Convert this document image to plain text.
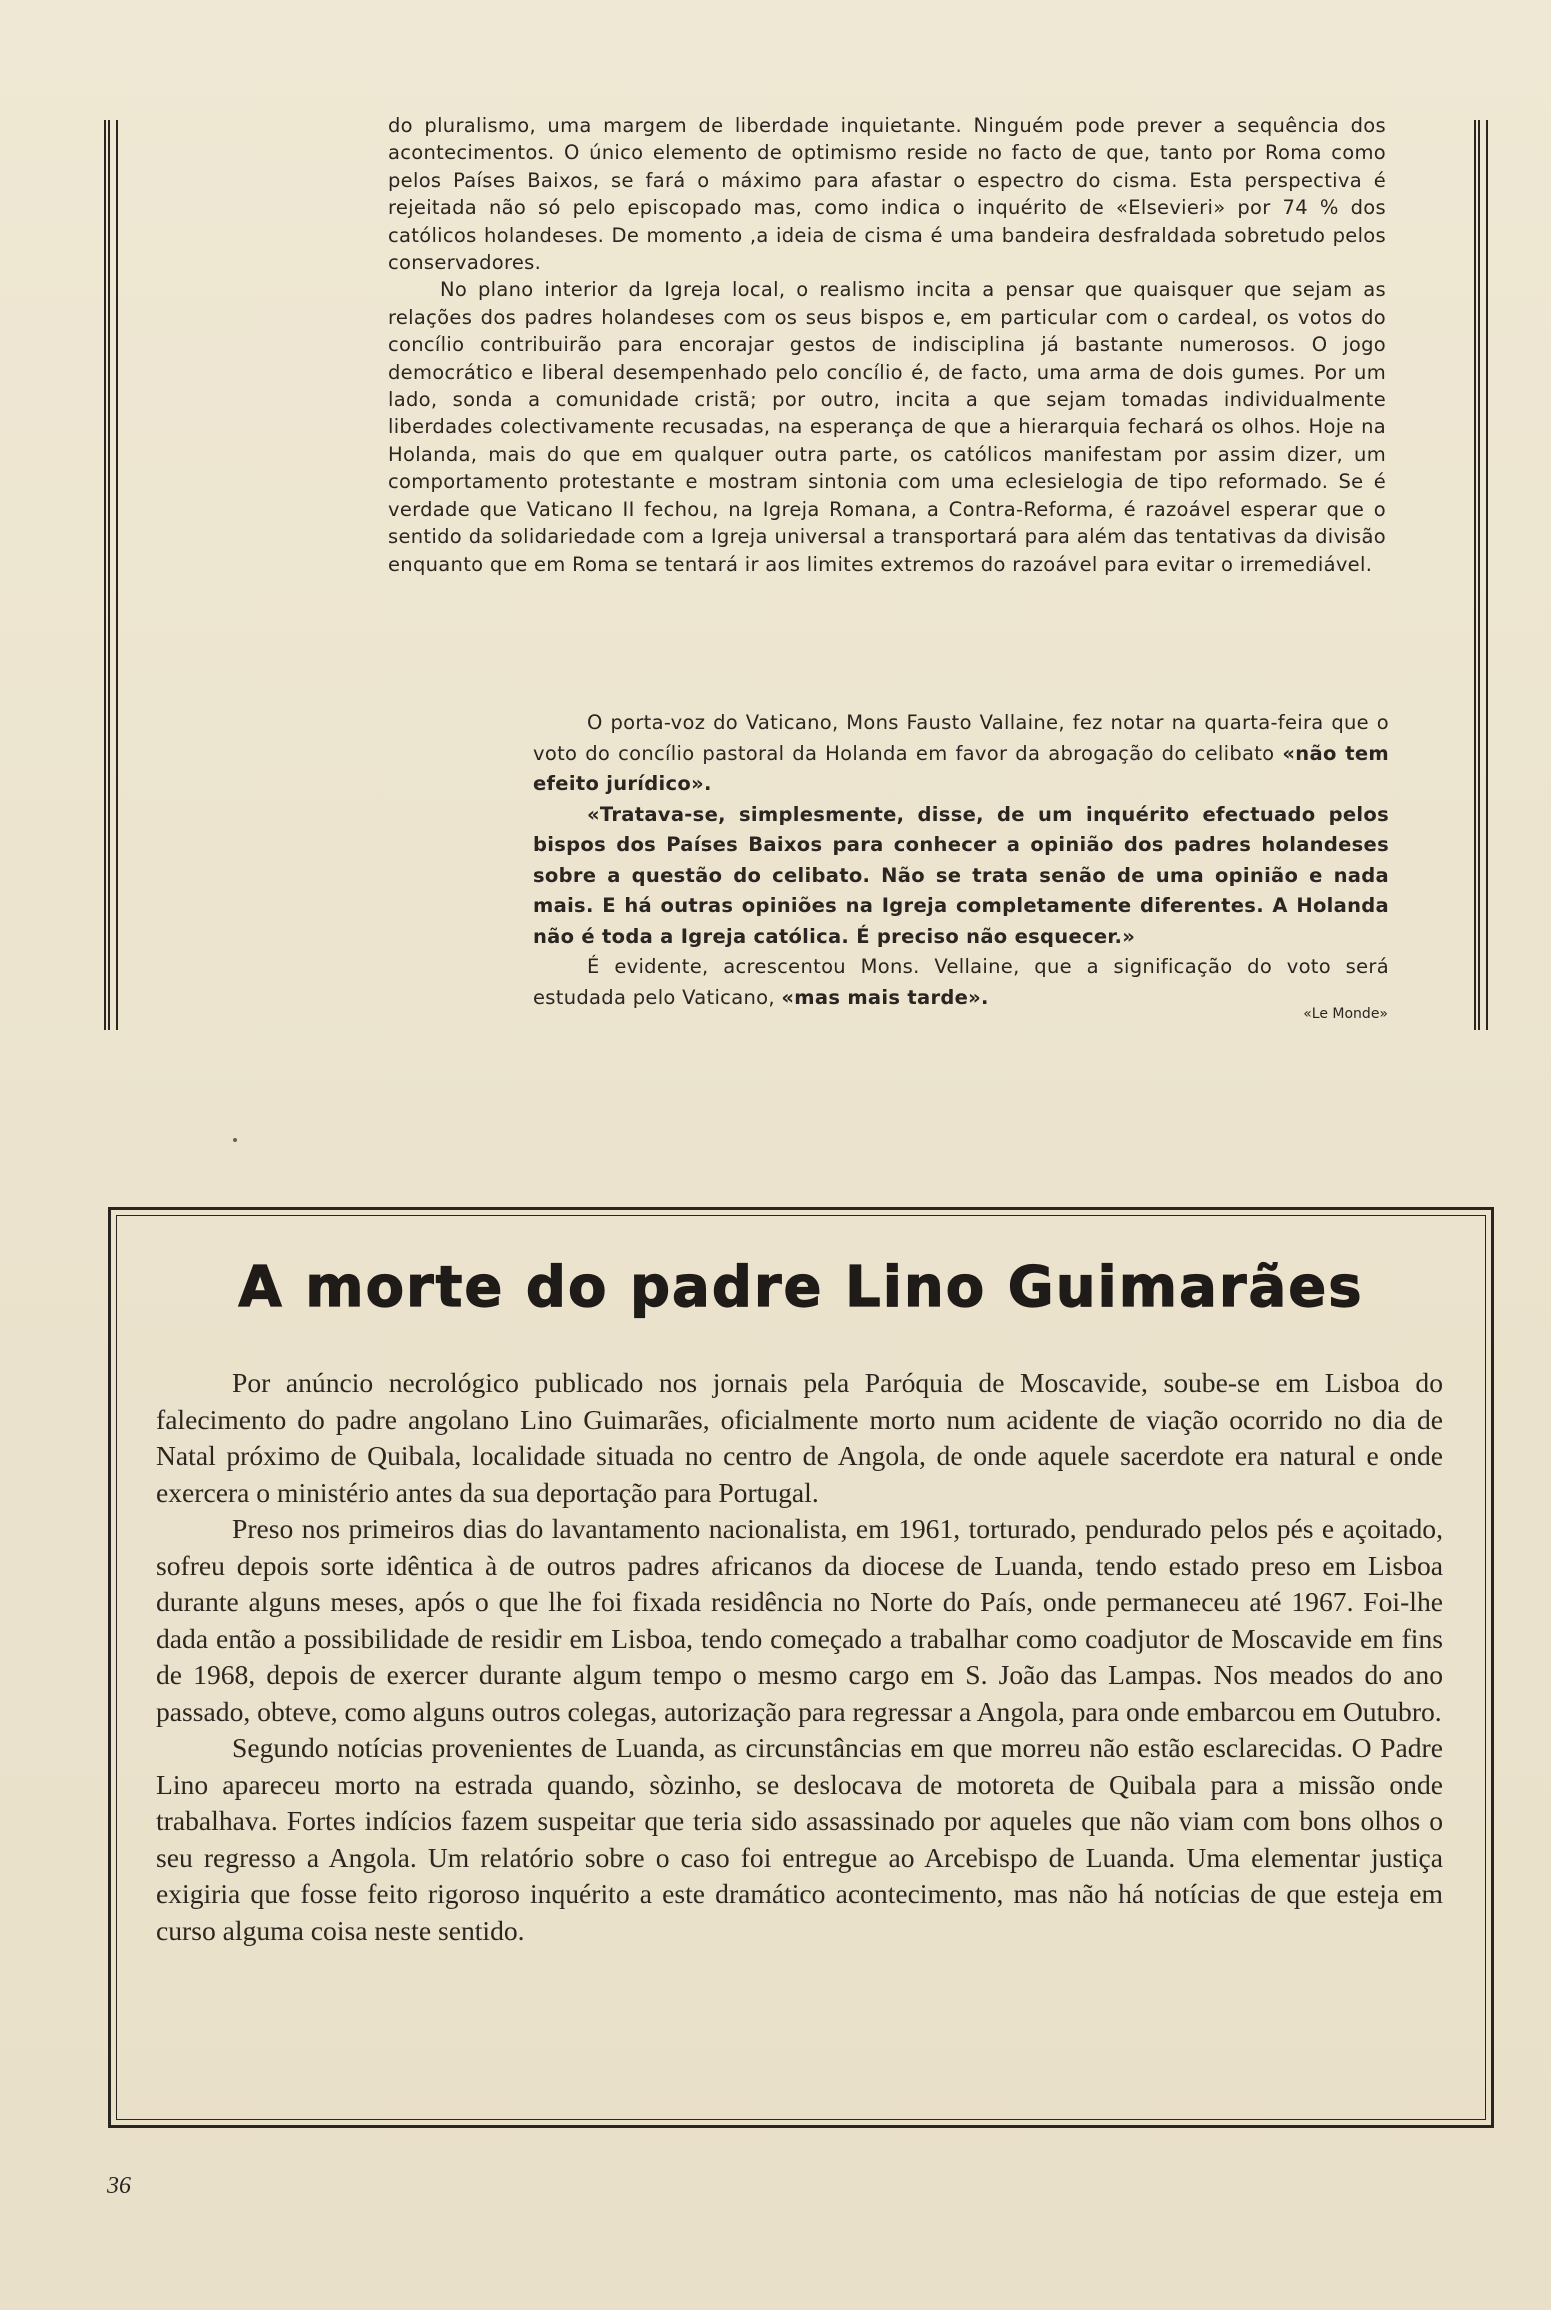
do pluralismo, uma margem de liberdade inquietante. Ninguém pode prever a sequência dos acontecimentos. O único elemento de optimismo reside no facto de que, tanto por Roma como pelos Países Baixos, se fará o máximo para afastar o espectro do cisma. Esta perspectiva é rejeitada não só pelo episcopado mas, como indica o inquérito de «Elsevieri» por 74 % dos católicos holandeses. De momento ,a ideia de cisma é uma bandeira desfraldada sobretudo pelos conservadores.

No plano interior da Igreja local, o realismo incita a pensar que quaisquer que sejam as relações dos padres holandeses com os seus bispos e, em particular com o cardeal, os votos do concílio contribuirão para encorajar gestos de indisciplina já bastante numerosos. O jogo democrático e liberal desempenhado pelo concílio é, de facto, uma arma de dois gumes. Por um lado, sonda a comunidade cristã; por outro, incita a que sejam tomadas individualmente liberdades colectivamente recusadas, na esperança de que a hierarquia fechará os olhos. Hoje na Holanda, mais do que em qualquer outra parte, os católicos manifestam por assim dizer, um comportamento protestante e mostram sintonia com uma eclesielogia de tipo reformado. Se é verdade que Vaticano II fechou, na Igreja Romana, a Contra-Reforma, é razoável esperar que o sentido da solidariedade com a Igreja universal a transportará para além das tentativas da divisão enquanto que em Roma se tentará ir aos limites extremos do razoável para evitar o irremediável.

O porta-voz do Vaticano, Mons Fausto Vallaine, fez notar na quarta-feira que o voto do concílio pastoral da Holanda em favor da abrogação do celibato «não tem efeito jurídico».

«Tratava-se, simplesmente, disse, de um inquérito efectuado pelos bispos dos Países Baixos para conhecer a opinião dos padres holandeses sobre a questão do celibato. Não se trata senão de uma opinião e nada mais. E há outras opiniões na Igreja completamente diferentes. A Holanda não é toda a Igreja católica. É preciso não esquecer.»

É evidente, acrescentou Mons. Vellaine, que a significação do voto será estudada pelo Vaticano, «mas mais tarde».

«Le Monde»
A morte do padre Lino Guimarães

Por anúncio necrológico publicado nos jornais pela Paróquia de Moscavide, soube-se em Lisboa do falecimento do padre angolano Lino Guimarães, oficialmente morto num acidente de viação ocorrido no dia de Natal próximo de Quibala, localidade situada no centro de Angola, de onde aquele sacerdote era natural e onde exercera o ministério antes da sua deportação para Portugal.

Preso nos primeiros dias do lavantamento nacionalista, em 1961, torturado, pendurado pelos pés e açoitado, sofreu depois sorte idêntica à de outros padres africanos da diocese de Luanda, tendo estado preso em Lisboa durante alguns meses, após o que lhe foi fixada residência no Norte do País, onde permaneceu até 1967. Foi-lhe dada então a possibilidade de residir em Lisboa, tendo começado a trabalhar como coadjutor de Moscavide em fins de 1968, depois de exercer durante algum tempo o mesmo cargo em S. João das Lampas. Nos meados do ano passado, obteve, como alguns outros colegas, autorização para regressar a Angola, para onde embarcou em Outubro.

Segundo notícias provenientes de Luanda, as circunstâncias em que morreu não estão esclarecidas. O Padre Lino apareceu morto na estrada quando, sòzinho, se deslocava de motoreta de Quibala para a missão onde trabalhava. Fortes indícios fazem suspeitar que teria sido assassinado por aqueles que não viam com bons olhos o seu regresso a Angola. Um relatório sobre o caso foi entregue ao Arcebispo de Luanda. Uma elementar justiça exigiria que fosse feito rigoroso inquérito a este dramático acontecimento, mas não há notícias de que esteja em curso alguma coisa neste sentido.

36
